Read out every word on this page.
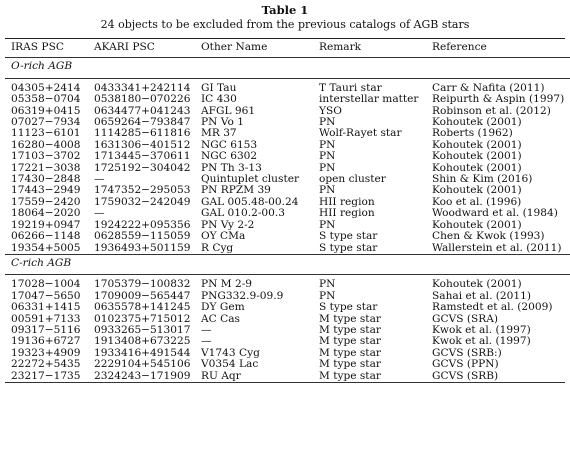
Table 1
24 objects to be excluded from the previous catalogs of AGB stars
IRAS PSC	AKARI PSC	Other Name	Remark	Reference

O-rich AGB				

04305+2414	0433341+242114	GI Tau	T Tauri star	Carr & Nafita (2011)
05358−0704	0538180−070226	IC 430	interstellar matter	Reipurth & Aspin (1997)
06319+0415	0634477+041243	AFGL 961	YSO	Robinson et al. (2012)
07027−7934	0659264−793847	PN Vo 1	PN	Kohoutek (2001)
11123−6101	1114285−611816	MR 37	Wolf-Rayet star	Roberts (1962)
16280−4008	1631306−401512	NGC 6153	PN	Kohoutek (2001)
17103−3702	1713445−370611	NGC 6302	PN	Kohoutek (2001)
17221−3038	1725192−304042	PN Th 3-13	PN	Kohoutek (2001)
17430−2848	—	Quintuplet cluster	open cluster	Shin & Kim (2016)
17443−2949	1747352−295053	PN RPZM 39	PN	Kohoutek (2001)
17559−2420	1759032−242049	GAL 005.48-00.24	HII region	Koo et al. (1996)
18064−2020	—	GAL 010.2-00.3	HII region	Woodward et al. (1984)
19219+0947	1924222+095356	PN Vy 2-2	PN	Kohoutek (2001)
06266−1148	0628559−115059	OY CMa	S type star	Chen & Kwok (1993)
19354+5005	1936493+501159	R Cyg	S type star	Wallerstein et al. (2011)

C-rich AGB				

17028−1004	1705379−100832	PN M 2-9	PN	Kohoutek (2001)
17047−5650	1709009−565447	PNG332.9-09.9	PN	Sahai et al. (2011)
06331+1415	0635578+141245	DY Gem	S type star	Ramstedt et al. (2009)
00591+7133	0102375+715012	AC Cas	M type star	GCVS (SRA)
09317−5116	0933265−513017	—	M type star	Kwok et al. (1997)
19136+6727	1913408+673225	—	M type star	Kwok et al. (1997)
19323+4909	1933416+491544	V1743 Cyg	M type star	GCVS (SRB:)
22272+5435	2229104+545106	V0354 Lac	M type star	GCVS (PPN)
23217−1735	2324243−171909	RU Aqr	M type star	GCVS (SRB)
